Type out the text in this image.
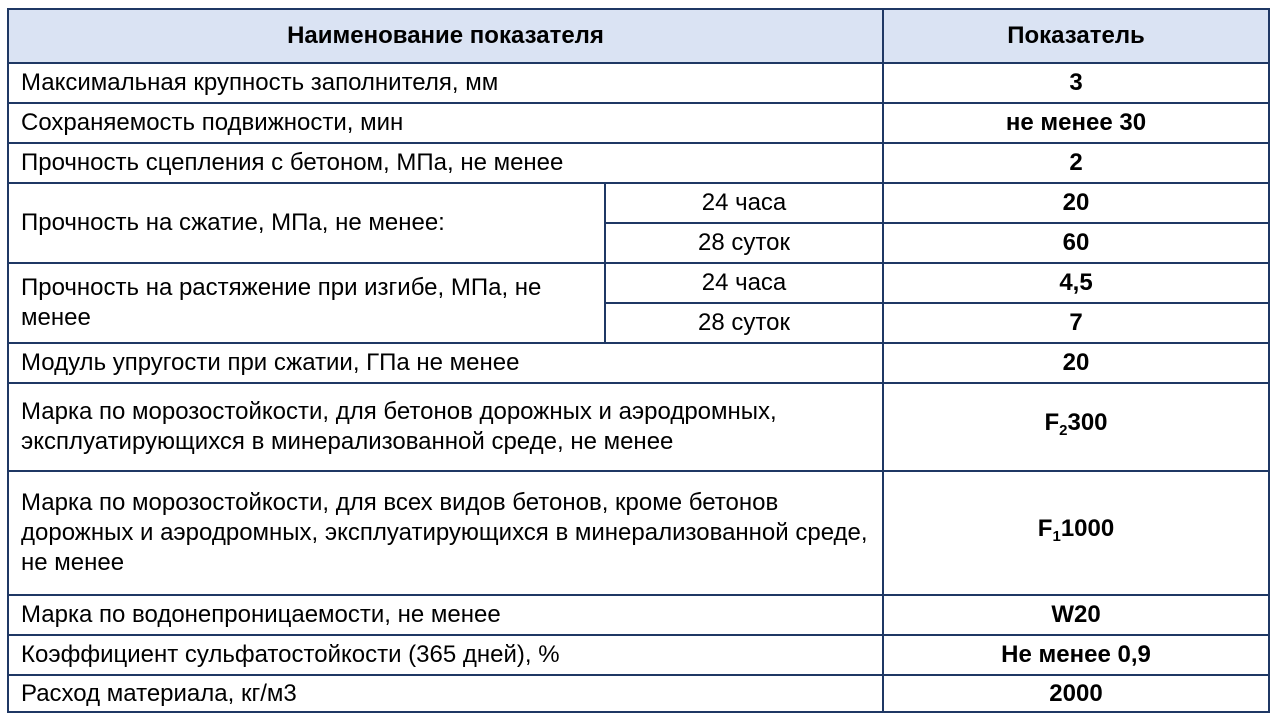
Наименование показателя		Показатель
Максимальная крупность заполнителя, мм		3
Сохраняемость подвижности, мин		не менее 30
Прочность сцепления с бетоном, МПа, не менее		2
Прочность на сжатие, МПа, не менее:	24 часа	20
	28 суток	60
Прочность на растяжение при изгибе, МПа, не менее	24 часа	4,5
	28 суток	7
Модуль упругости при сжатии, ГПа не менее		20
Марка по морозостойкости, для бетонов дорожных и аэродромных, эксплуатирующихся в минерализованной среде, не менее		$F_2300$
Марка по морозостойкости, для всех видов бетонов, кроме бетонов дорожных и аэродромных, эксплуатирующихся в минерализованной среде,
не менее		$F_11000$
Марка по водонепроницаемости, не менее		W20
Коэффициент сульфатостойкости (365 дней), %		Не менее 0,9
Расход материала, кг/м3		2000
